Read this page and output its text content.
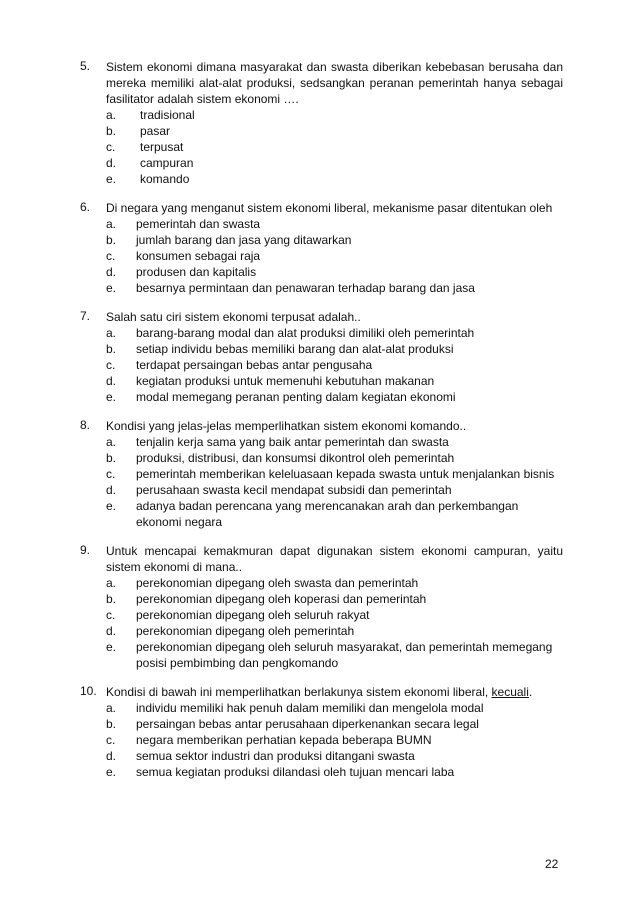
5. Sistem ekonomi dimana masyarakat dan swasta diberikan kebebasan berusaha dan mereka memiliki alat-alat produksi, sedsangkan peranan pemerintah hanya sebagai fasilitator adalah sistem ekonomi ….
a. tradisional
b. pasar
c. terpusat
d. campuran
e. komando
6. Di negara yang menganut sistem ekonomi liberal, mekanisme pasar ditentukan oleh
a. pemerintah dan swasta
b. jumlah barang dan jasa yang ditawarkan
c. konsumen sebagai raja
d. produsen dan kapitalis
e. besarnya permintaan dan penawaran terhadap barang dan jasa
7. Salah satu ciri sistem ekonomi terpusat adalah..
a. barang-barang modal dan alat produksi dimiliki oleh pemerintah
b. setiap individu bebas memiliki barang dan alat-alat produksi
c. terdapat persaingan bebas antar pengusaha
d. kegiatan produksi untuk memenuhi kebutuhan makanan
e. modal memegang peranan penting dalam kegiatan ekonomi
8. Kondisi yang jelas-jelas memperlihatkan sistem ekonomi komando..
a. tenjalin kerja sama yang baik antar pemerintah dan swasta
b. produksi, distribusi, dan konsumsi dikontrol oleh pemerintah
c. pemerintah memberikan keleluasaan kepada swasta untuk menjalankan bisnis
d. perusahaan swasta kecil mendapat subsidi dan pemerintah
e. adanya badan perencana yang merencanakan arah dan perkembangan ekonomi negara
9. Untuk mencapai kemakmuran dapat digunakan sistem ekonomi campuran, yaitu sistem ekonomi di mana..
a. perekonomian dipegang oleh swasta dan pemerintah
b. perekonomian dipegang oleh koperasi dan pemerintah
c. perekonomian dipegang oleh seluruh rakyat
d. perekonomian dipegang oleh pemerintah
e. perekonomian dipegang oleh seluruh masyarakat, dan pemerintah memegang posisi pembimbing dan pengkomando
10. Kondisi di bawah ini memperlihatkan berlakunya sistem ekonomi liberal, kecuali.
a. individu memiliki hak penuh dalam memiliki dan mengelola modal
b. persaingan bebas antar perusahaan diperkenankan secara legal
c. negara memberikan perhatian kepada beberapa BUMN
d. semua sektor industri dan produksi ditangani swasta
e. semua kegiatan produksi dilandasi oleh tujuan mencari laba
22
